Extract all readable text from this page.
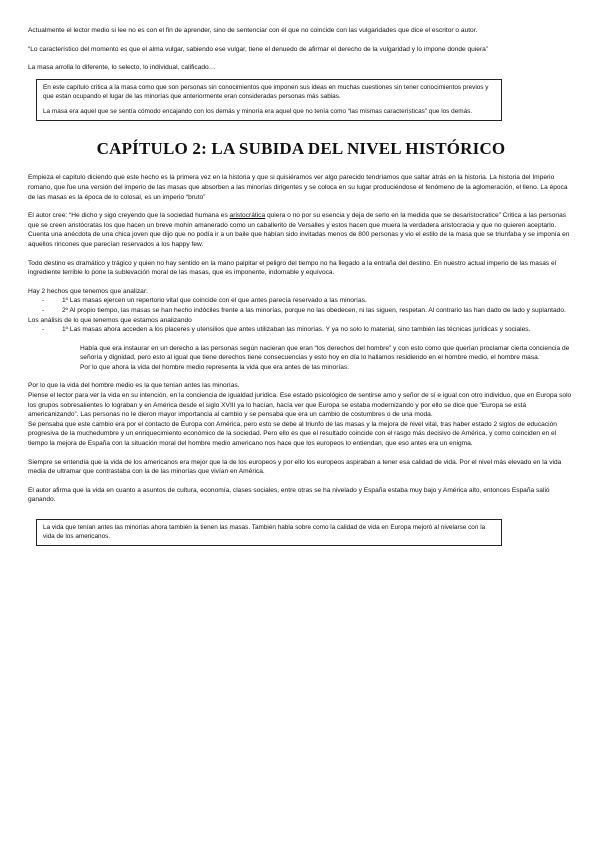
Actualmente el lector medio si lee no es con el fin de aprender, sino de sentenciar con él que no coincide con las vulgaridades que dice el escritor o autor.

“Lo característico del momento es que el alma vulgar, sabiendo ese vulgar, tiene el denuedo de afirmar el derecho de la vulgaridad y lo impone donde quiera”

La masa arrolla lo diferente, lo selecto, lo individual, calificado…

En este capítulo critica a la masa como que son personas sin conocimientos que imponen sus ideas en muchas cuestiones sin tener conocimientos previos y que están ocupando el lugar de las minorías que anteriormente eran consideradas personas más sabias.

La masa era aquel que se sentía cómodo encajando con los demás y minoría era aquel que no tenía como “las mismas características” que los demás.

CAPÍTULO 2: LA SUBIDA DEL NIVEL HISTÓRICO

Empieza el capítulo diciendo que este hecho es la primera vez en la historia y que si quisiéramos ver algo parecido tendríamos que saltar atrás en la historia. La historia del Imperio romano, que fue una versión del imperio de las masas que absorben a las minorías dirigentes y se coloca en su lugar produciéndose el fenómeno de la aglomeración, el lleno. La época de las masas es la época de lo colosal, es un imperio “bruto”

El autor cree: “He dicho y sigo creyendo que la sociedad humana es aristocrática quiera o no por su esencia y deja de serlo en la medida que se desaristocratice” Critica a las personas que se creen aristócratas los que hacen un breve mohín amanerado como un caballerito de Versalles y estos hacen que muera la verdadera aristocracia y que no quieren aceptarlo. Cuenta una anécdota de una chica joven que dijo que no podía ir a un baile que habían sido invitadas menos de 800 personas y vio el estilo de la masa que se triunfaba y se imponía en aquellos rincones que parecían reservados a los happy few.

Todo destino es dramático y trágico y quien no hay sentido en la mano palpitar el peligro del tiempo no ha llegado a la entraña del destino. En nuestro actual imperio de las masas el ingrediente terrible lo pone la sublevación moral de las masas, que es imponente, indomable y equívoca.

Hay 2 hechos que tenemos que analizar:

- 1º Las masas ejercen un repertorio vital que coincide con el que antes parecía reservado a las minorías.
- 2º Al propio tiempo, las masas se han hecho indóciles frente a las minorías, porque no las obedecen, ni las siguen, respetan. Al contrario las han dado de lado y suplantado.

Los análisis de lo que tenemos que estamos analizando

- 1º Las masas ahora acceden a los placeres y utensilios que antes utilizaban las minorías. Y ya no solo lo material, sino también las técnicas jurídicas y sociales.

Había que era instaurar en un derecho a las personas según nacieran que eran “los derechos del hombre” y con esto como que querían proclamar cierta conciencia de señoría y dignidad, pero esto al igual que tiene derechos tiene consecuencias y esto hoy en día lo hallamos residiendo en el hombre medio, el hombre masa.

Por lo que ahora la vida del hombre medio representa la vida que era antes de las minorías.

Por lo que la vida del hombre medio es la que tenían antes las minorías.

Piense el lector para ver la vida en su intención, en la conciencia de igualdad jurídica. Ese estado psicológico de sentirse amo y señor de sí e igual con otro individuo, que en Europa solo los grupos sobresalientes lo lograban y en América desde el siglo XVIII ya lo hacían, hacía ver que Europa se estaba modernizando y por ello se dice que “Europa se está americanizando”. Las personas no le dieron mayor importancia al cambio y se pensaba que era un cambio de costumbres o de una moda.

Se pensaba que este cambio era por el contacto de Europa con América, pero esto se debe al triunfo de las masas y la mejora de nivel vital, tras haber estado 2 siglos de educación progresiva de la muchedumbre y un enriquecimiento económico de la sociedad. Pero ello es que el resultado coincide con el rasgo más decisivo de América, y como coinciden en el tiempo la mejora de España con la situación moral del hombre medio americano nos hace que los europeos lo entiendan, que eso antes era un enigma.

Siempre se entendía que la vida de los americanos era mejor que la de los europeos y por ello los europeos aspiraban a tener esa calidad de vida. Por el nivel más elevado en la vida media de ultramar que contrastaba con la de las minorías que vivían en América.

El autor afirma que la vida en cuanto a asuntos de cultura, economía, clases sociales, entre otras se ha nivelado y España estaba muy bajo y América alto, entonces España salió ganando.

La vida que tenían antes las minorías ahora también la tienen las masas. También habla sobre como la calidad de vida en Europa mejoró al nivelarse con la vida de los americanos.
